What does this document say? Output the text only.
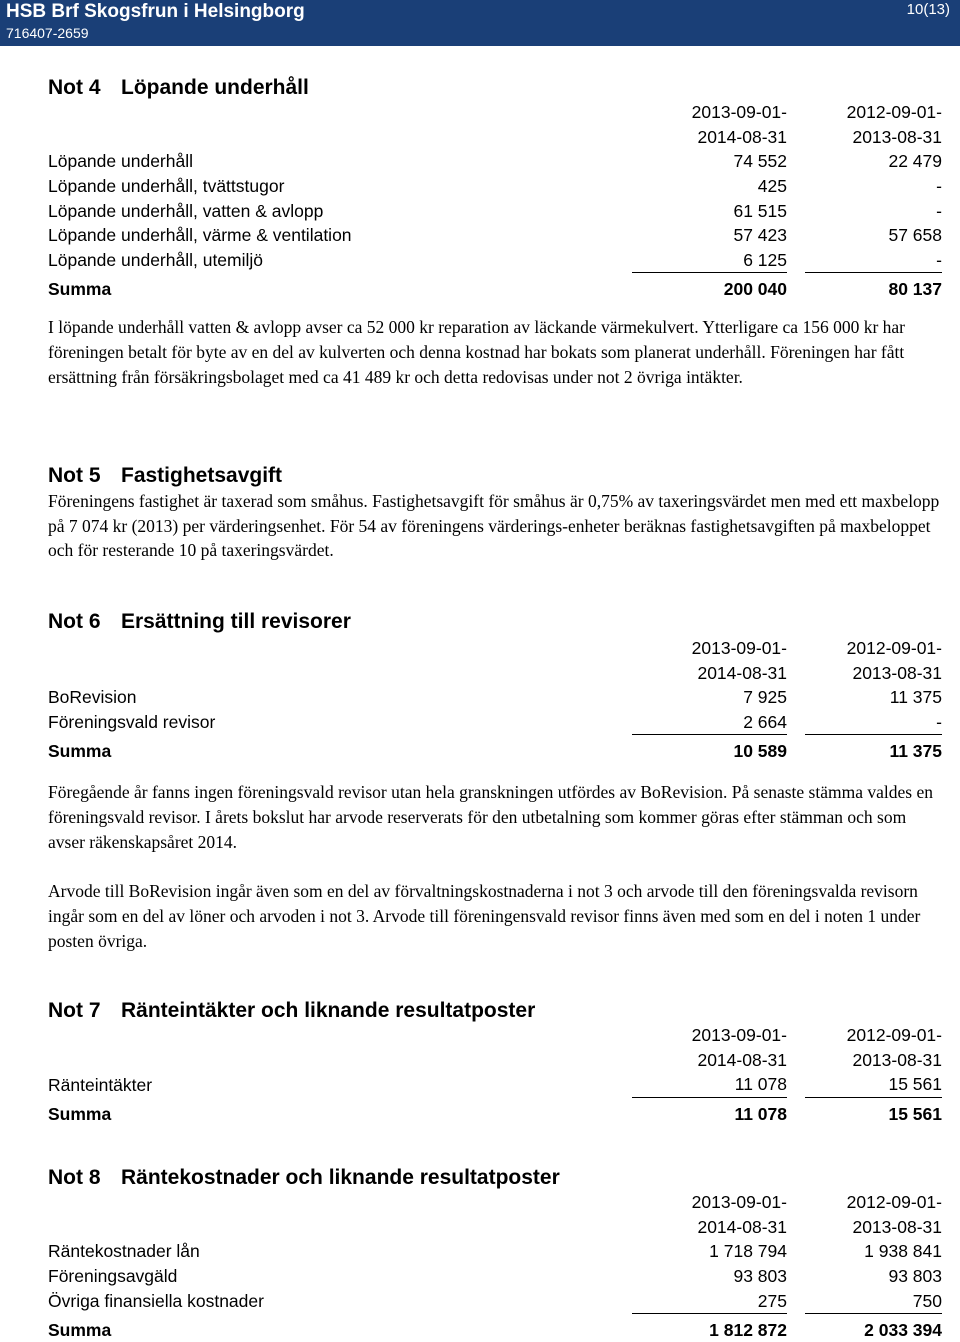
HSB Brf Skogsfrun i Helsingborg
716407-2659
10(13)
Not 4 Löpande underhåll
	2013-09-01-		2012-09-01-
	2014-08-31		2013-08-31
Löpande underhåll	74 552		22 479
Löpande underhåll, tvättstugor	425		-
Löpande underhåll, vatten & avlopp	61 515		-
Löpande underhåll, värme & ventilation	57 423		57 658
Löpande underhåll, utemiljö	6 125		-
Summa	200 040		80 137

I löpande underhåll vatten & avlopp avser ca 52 000 kr reparation av läckande värmekulvert. Ytterligare ca 156 000 kr har föreningen betalt för byte av en del av kulverten och denna kostnad har bokats som planerat underhåll. Föreningen har fått ersättning från försäkringsbolaget med ca 41 489 kr och detta redovisas under not 2 övriga intäkter.

Not 5 Fastighetsavgift

Föreningens fastighet är taxerad som småhus. Fastighetsavgift för småhus är 0,75% av taxeringsvärdet men med ett maxbelopp på 7 074 kr (2013) per värderingsenhet. För 54 av föreningens värderings-enheter beräknas fastighetsavgiften på maxbeloppet och för resterande 10 på taxeringsvärdet.

Not 6 Ersättning till revisorer
	2013-09-01-		2012-09-01-
	2014-08-31		2013-08-31
BoRevision	7 925		11 375
Föreningsvald revisor	2 664		-
Summa	10 589		11 375

Föregående år fanns ingen föreningsvald revisor utan hela granskningen utfördes av BoRevision. På senaste stämma valdes en föreningsvald revisor. I årets bokslut har arvode reserverats för den utbetalning som kommer göras efter stämman och som avser räkenskapsåret 2014.

Arvode till BoRevision ingår även som en del av förvaltningskostnaderna i not 3 och arvode till den föreningsvalda revisorn ingår som en del av löner och arvoden i not 3. Arvode till föreningensvald revisor finns även med som en del i noten 1 under posten övriga.

Not 7 Ränteintäkter och liknande resultatposter
	2013-09-01-		2012-09-01-
	2014-08-31		2013-08-31
Ränteintäkter	11 078		15 561
Summa	11 078		15 561
Not 8 Räntekostnader och liknande resultatposter
	2013-09-01-		2012-09-01-
	2014-08-31		2013-08-31
Räntekostnader lån	1 718 794		1 938 841
Föreningsavgäld	93 803		93 803
Övriga finansiella kostnader	275		750
Summa	1 812 872		2 033 394
